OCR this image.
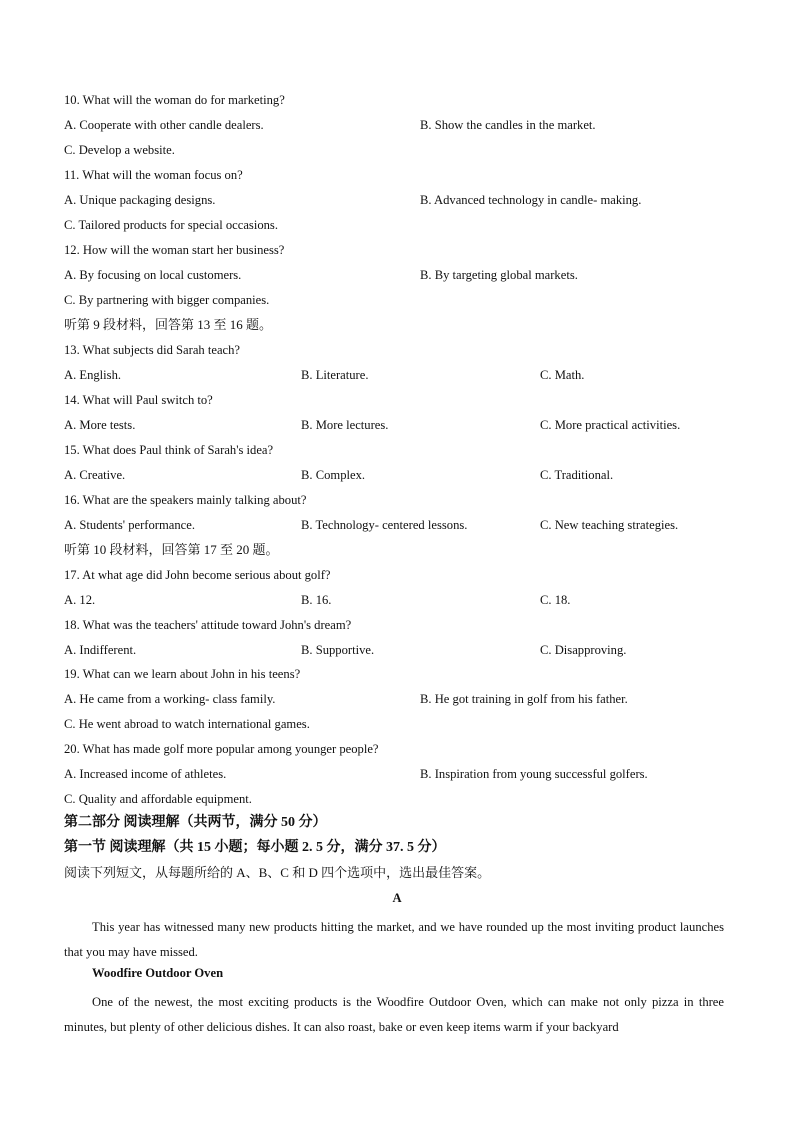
10. What will the woman do for marketing?
A. Cooperate with other candle dealers.	B. Show the candles in the market.
C. Develop a website.
11. What will the woman focus on?
A. Unique packaging designs.	B. Advanced technology in candle- making.
C. Tailored products for special occasions.
12. How will the woman start her business?
A. By focusing on local customers.	B. By targeting global markets.
C. By partnering with bigger companies.
听第 9 段材料，回答第 13 至 16 题。
13. What subjects did Sarah teach?
A. English.	B. Literature.	C. Math.
14. What will Paul switch to?
A. More tests.	B. More lectures.	C. More practical activities.
15. What does Paul think of Sarah's idea?
A. Creative.	B. Complex.	C. Traditional.
16. What are the speakers mainly talking about?
A. Students' performance.	B. Technology- centered lessons.	C. New teaching strategies.
听第 10 段材料，回答第 17 至 20 题。
17. At what age did John become serious about golf?
A. 12.	B. 16.	C. 18.
18. What was the teachers' attitude toward John's dream?
A. Indifferent.	B. Supportive.	C. Disapproving.
19. What can we learn about John in his teens?
A. He came from a working- class family.	B. He got training in golf from his father.
C. He went abroad to watch international games.
20. What has made golf more popular among younger people?
A. Increased income of athletes.	B. Inspiration from young successful golfers.
C. Quality and affordable equipment.
第二部分 阅读理解（共两节，满分 50 分）
第一节 阅读理解（共 15 小题；每小题 2. 5 分，满分 37. 5 分）
阅读下列短文，从每题所给的 A、B、C 和 D 四个选项中，选出最佳答案。
A
This year has witnessed many new products hitting the market, and we have rounded up the most inviting product launches that you may have missed.
Woodfire Outdoor Oven
One of the newest, the most exciting products is the Woodfire Outdoor Oven, which can make not only pizza in three minutes, but plenty of other delicious dishes. It can also roast, bake or even keep items warm if your backyard
